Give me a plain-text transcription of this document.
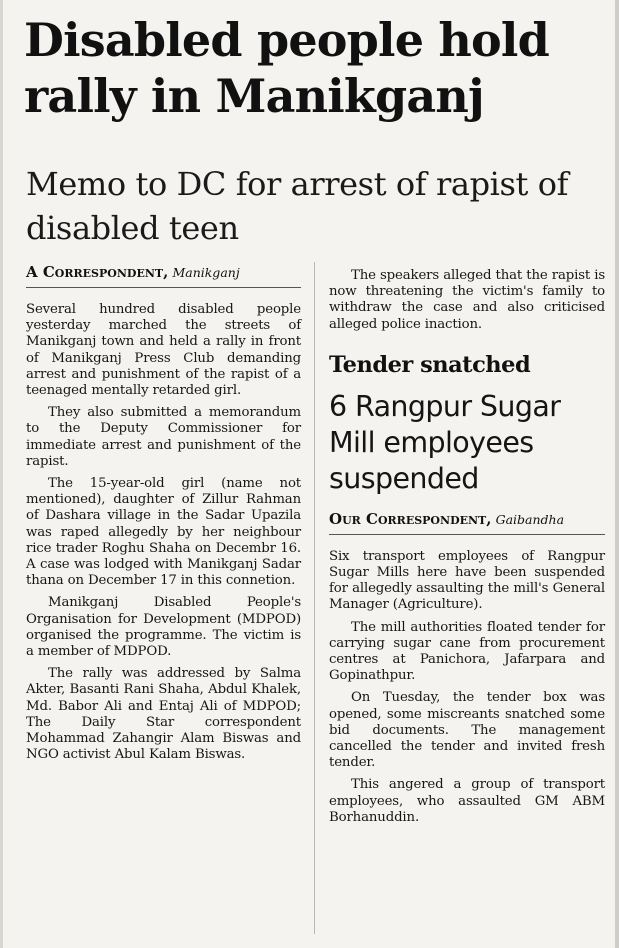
Disabled people hold rally in Manikganj
Memo to DC for arrest of rapist of disabled teen
A Correspondent, Manikganj

Several hundred disabled people yesterday marched the streets of Manikganj town and held a rally in front of Manikganj Press Club demanding arrest and punishment of the rapist of a teenaged mentally retarded girl.

They also submitted a memorandum to the Deputy Commissioner for immediate arrest and punishment of the rapist.

The 15-year-old girl (name not mentioned), daughter of Zillur Rahman of Dashara village in the Sadar Upazila was raped allegedly by her neighbour rice trader Roghu Shaha on Decembr 16. A case was lodged with Manikganj Sadar thana on December 17 in this connetion.

Manikganj Disabled People's Organisation for Development (MDPOD) organised the programme. The victim is a member of MDPOD.

The rally was addressed by Salma Akter, Basanti Rani Shaha, Abdul Khalek, Md. Babor Ali and Entaj Ali of MDPOD; The Daily Star correspondent Mohammad Zahangir Alam Biswas and NGO activist Abul Kalam Biswas.

The speakers alleged that the rapist is now threatening the victim's family to withdraw the case and also criticised alleged police inaction.

Tender snatched
6 Rangpur Sugar Mill employees suspended
Our Correspondent, Gaibandha

Six transport employees of Rangpur Sugar Mills here have been suspended for allegedly assaulting the mill's General Manager (Agriculture).

The mill authorities floated tender for carrying sugar cane from procurement centres at Panichora, Jafarpara and Gopinathpur.

On Tuesday, the tender box was opened, some miscreants snatched some bid documents. The management cancelled the tender and invited fresh tender.

This angered a group of transport employees, who assaulted GM ABM Borhanuddin.
